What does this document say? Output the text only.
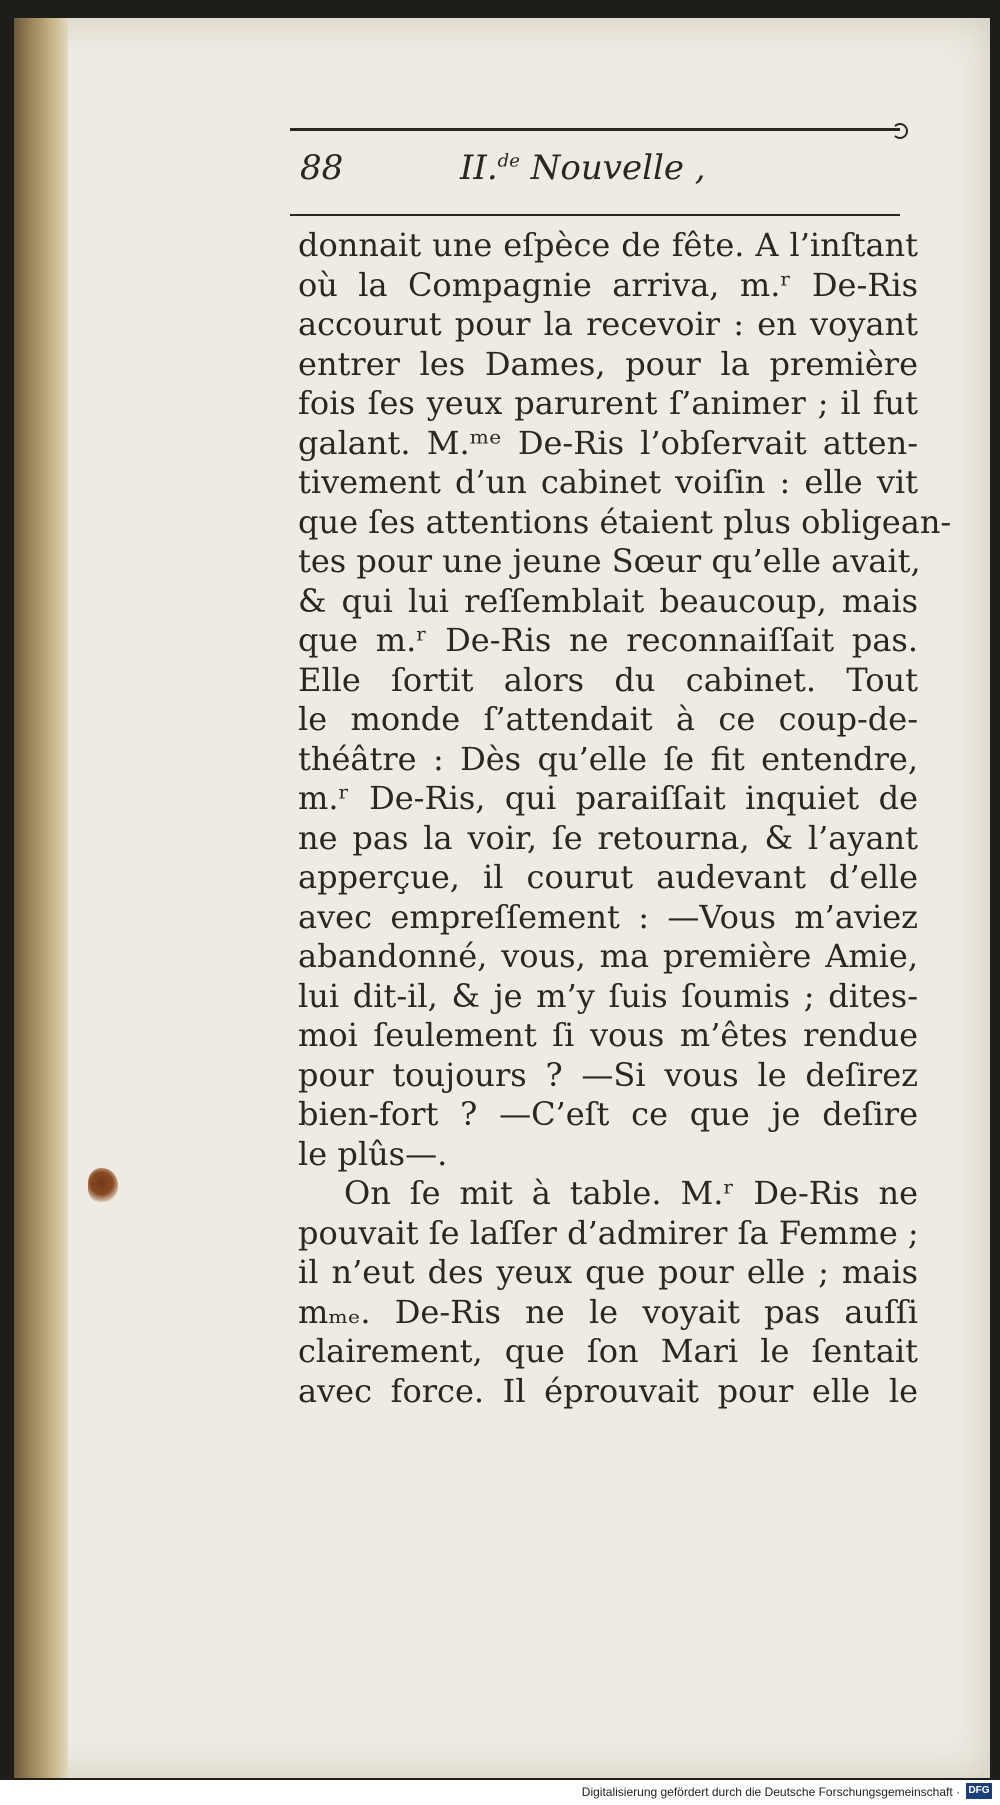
88	II.$^{de}$ Nouvelle ,
donnait une eſpèce de fête. A l’inſtant
où la Compagnie arriva, m.ʳ De-Ris
accourut pour la recevoir : en voyant
entrer les Dames, pour la première
fois ſes yeux parurent ſ’animer ; il fut
galant. M.ᵐᵉ De-Ris l’obſervait atten-
tivement d’un cabinet voiſin : elle vit
que ſes attentions étaient plus obligean-
tes pour une jeune Sœur qu’elle avait,
& qui lui reſſemblait beaucoup, mais
que m.ʳ De-Ris ne reconnaiſſait pas.
Elle ſortit alors du cabinet. Tout
le monde ſ’attendait à ce coup-de-
théâtre : Dès qu’elle ſe fit entendre,
m.ʳ De-Ris, qui paraiſſait inquiet de
ne pas la voir, ſe retourna, & l’ayant
apperçue, il courut audevant d’elle
avec empreſſement : —Vous m’aviez
abandonné, vous, ma première Amie,
lui dit-il, & je m’y ſuis ſoumis ; dites-
moi ſeulement ſi vous m’êtes rendue
pour toujours ? —Si vous le deſirez
bien-fort ? —C’eſt ce que je deſire
le plûs—.
On ſe mit à table. M.ʳ De-Ris ne
pouvait ſe laſſer d’admirer ſa Femme ;
il n’eut des yeux que pour elle ; mais
mₘₑ. De-Ris ne le voyait pas auſſi
clairement, que ſon Mari le ſentait
avec force. Il éprouvait pour elle le
Digitalisierung gefördert durch die Deutsche Forschungsgemeinschaft · DFG
